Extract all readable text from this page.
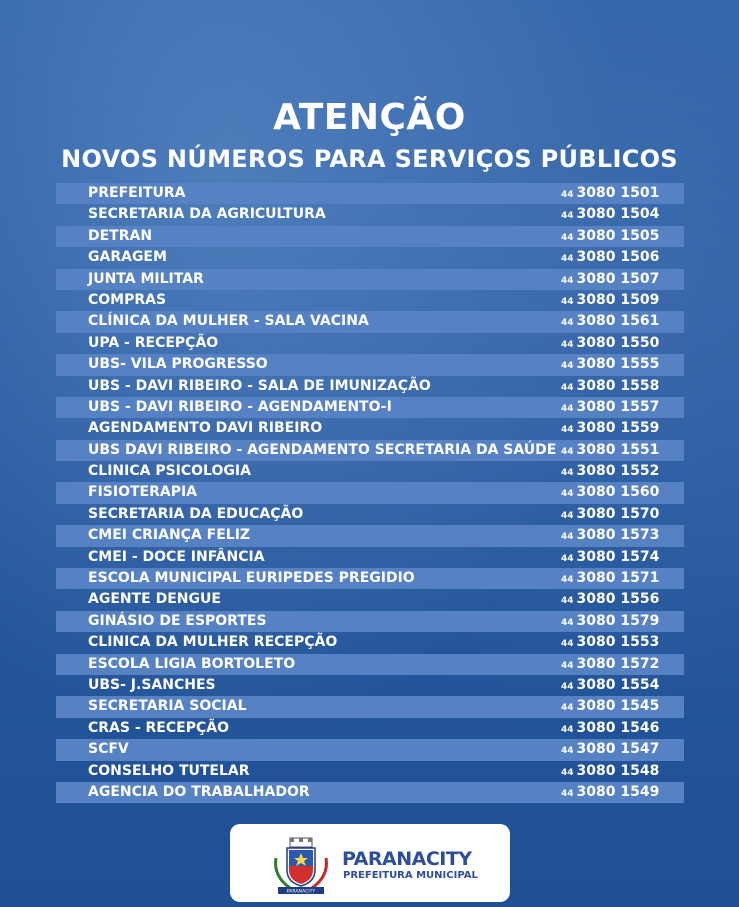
ATENÇÃO
NOVOS NÚMEROS PARA SERVIÇOS PÚBLICOS
PREFEITURA	44 3080 1501
SECRETARIA DA AGRICULTURA	44 3080 1504
DETRAN	44 3080 1505
GARAGEM	44 3080 1506
JUNTA MILITAR	44 3080 1507
COMPRAS	44 3080 1509
CLÍNICA DA MULHER - SALA VACINA	44 3080 1561
UPA - RECEPÇÃO	44 3080 1550
UBS- VILA PROGRESSO	44 3080 1555
UBS - DAVI RIBEIRO - SALA DE IMUNIZAÇÃO	44 3080 1558
UBS - DAVI RIBEIRO - AGENDAMENTO-I	44 3080 1557
AGENDAMENTO DAVI RIBEIRO	44 3080 1559
UBS DAVI RIBEIRO - AGENDAMENTO SECRETARIA DA SAÚDE 44 3080 1551
CLINICA PSICOLOGIA	44 3080 1552
FISIOTERAPIA	44 3080 1560
SECRETARIA DA EDUCAÇÃO	44 3080 1570
CMEI CRIANÇA FELIZ	44 3080 1573
CMEI - DOCE INFÂNCIA	44 3080 1574
ESCOLA MUNICIPAL EURIPEDES PREGIDIO	44 3080 1571
AGENTE DENGUE	44 3080 1556
GINÁSIO DE ESPORTES	44 3080 1579
CLINICA DA MULHER RECEPÇÃO	44 3080 1553
ESCOLA LIGIA BORTOLETO	44 3080 1572
UBS- J.SANCHES	44 3080 1554
SECRETARIA SOCIAL	44 3080 1545
CRAS - RECEPÇÃO	44 3080 1546
SCFV	44 3080 1547
CONSELHO TUTELAR	44 3080 1548
AGENCIA DO TRABALHADOR	44 3080 1549
PARANACITY
PARANACITY
PREFEITURA MUNICIPAL
